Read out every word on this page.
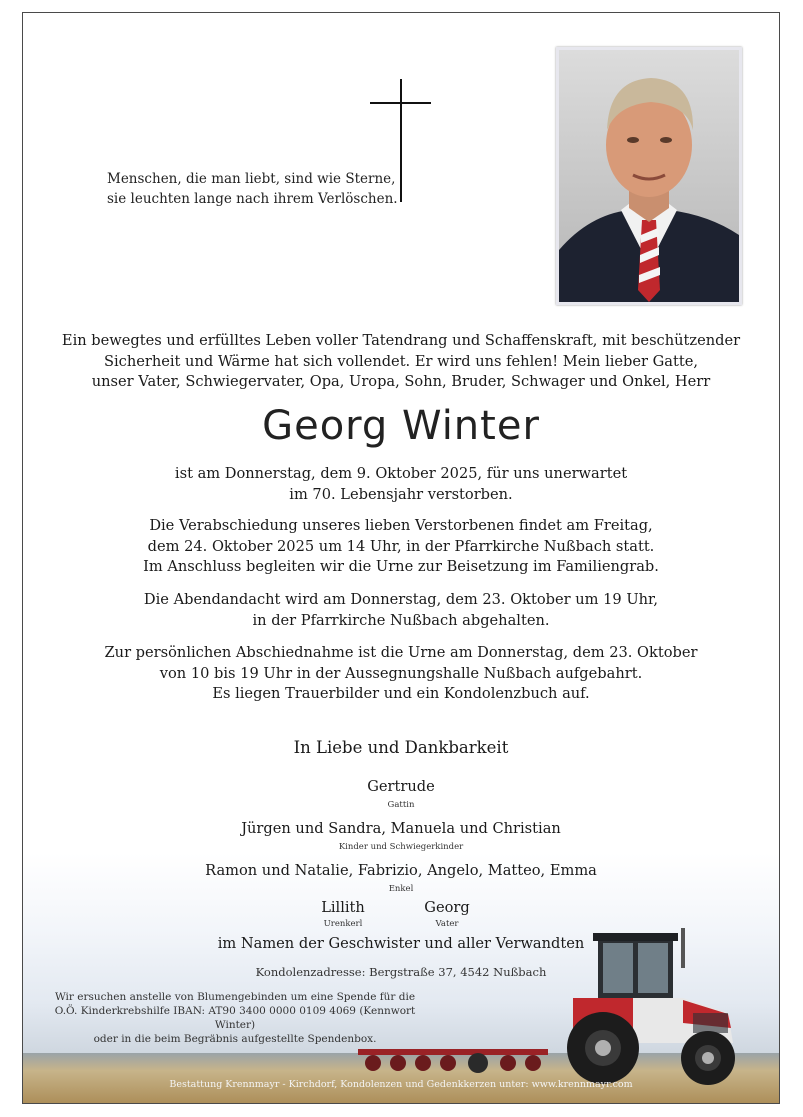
Menschen, die man liebt, sind wie Sterne,
sie leuchten lange nach ihrem Verlöschen.
Ein bewegtes und erfülltes Leben voller Tatendrang und Schaffenskraft, mit beschützender
Sicherheit und Wärme hat sich vollendet. Er wird uns fehlen! Mein lieber Gatte,
unser Vater, Schwiegervater, Opa, Uropa, Sohn, Bruder, Schwager und Onkel, Herr
Georg Winter
ist am Donnerstag, dem 9. Oktober 2025, für uns unerwartet
im 70. Lebensjahr verstorben.
Die Verabschiedung unseres lieben Verstorbenen findet am Freitag,
dem 24. Oktober 2025 um 14 Uhr, in der Pfarrkirche Nußbach statt.
Im Anschluss begleiten wir die Urne zur Beisetzung im Familiengrab.
Die Abendandacht wird am Donnerstag, dem 23. Oktober um 19 Uhr,
in der Pfarrkirche Nußbach abgehalten.
Zur persönlichen Abschiednahme ist die Urne am Donnerstag, dem 23. Oktober
von 10 bis 19 Uhr in der Aussegnungshalle Nußbach aufgebahrt.
Es liegen Trauerbilder und ein Kondolenzbuch auf.
In Liebe und Dankbarkeit
Gertrude
Gattin
Jürgen und Sandra, Manuela und Christian
Kinder und Schwiegerkinder
Ramon und Natalie, Fabrizio, Angelo, Matteo, Emma
Enkel
Lillith
Urenkerl
Georg
Vater
im Namen der Geschwister und aller Verwandten
Kondolenzadresse: Bergstraße 37, 4542 Nußbach
Wir ersuchen anstelle von Blumengebinden um eine Spende für die
O.Ö. Kinderkrebshilfe IBAN: AT90 3400 0000 0109 4069 (Kennwort Winter)
oder in die beim Begräbnis aufgestellte Spendenbox.
Bestattung Krennmayr - Kirchdorf, Kondolenzen und Gedenkkerzen unter: www.krennmayr.com
